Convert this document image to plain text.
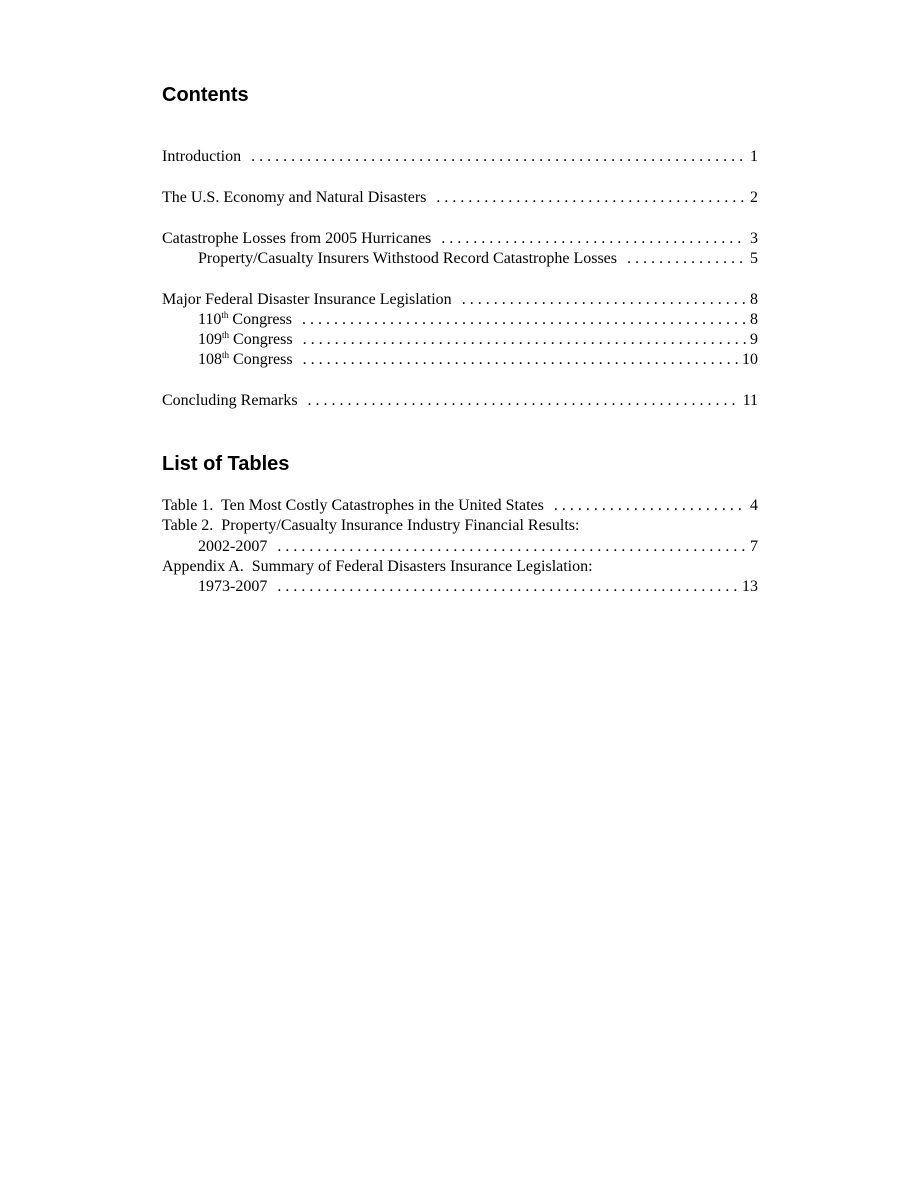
Contents
Introduction . . .	1
The U.S. Economy and Natural Disasters . . .	2
Catastrophe Losses from 2005 Hurricanes . . .	3
Property/Casualty Insurers Withstood Record Catastrophe Losses . . .	5
Major Federal Disaster Insurance Legislation . . .	8
110th Congress . . .	8
109th Congress . . .	9
108th Congress . . .	10
Concluding Remarks . . .	11
List of Tables
Table 1.  Ten Most Costly Catastrophes in the United States . . .	4
Table 2.  Property/Casualty Insurance Industry Financial Results:
2002-2007 . . .	7
Appendix A.  Summary of Federal Disasters Insurance Legislation:
1973-2007 . . .	13
